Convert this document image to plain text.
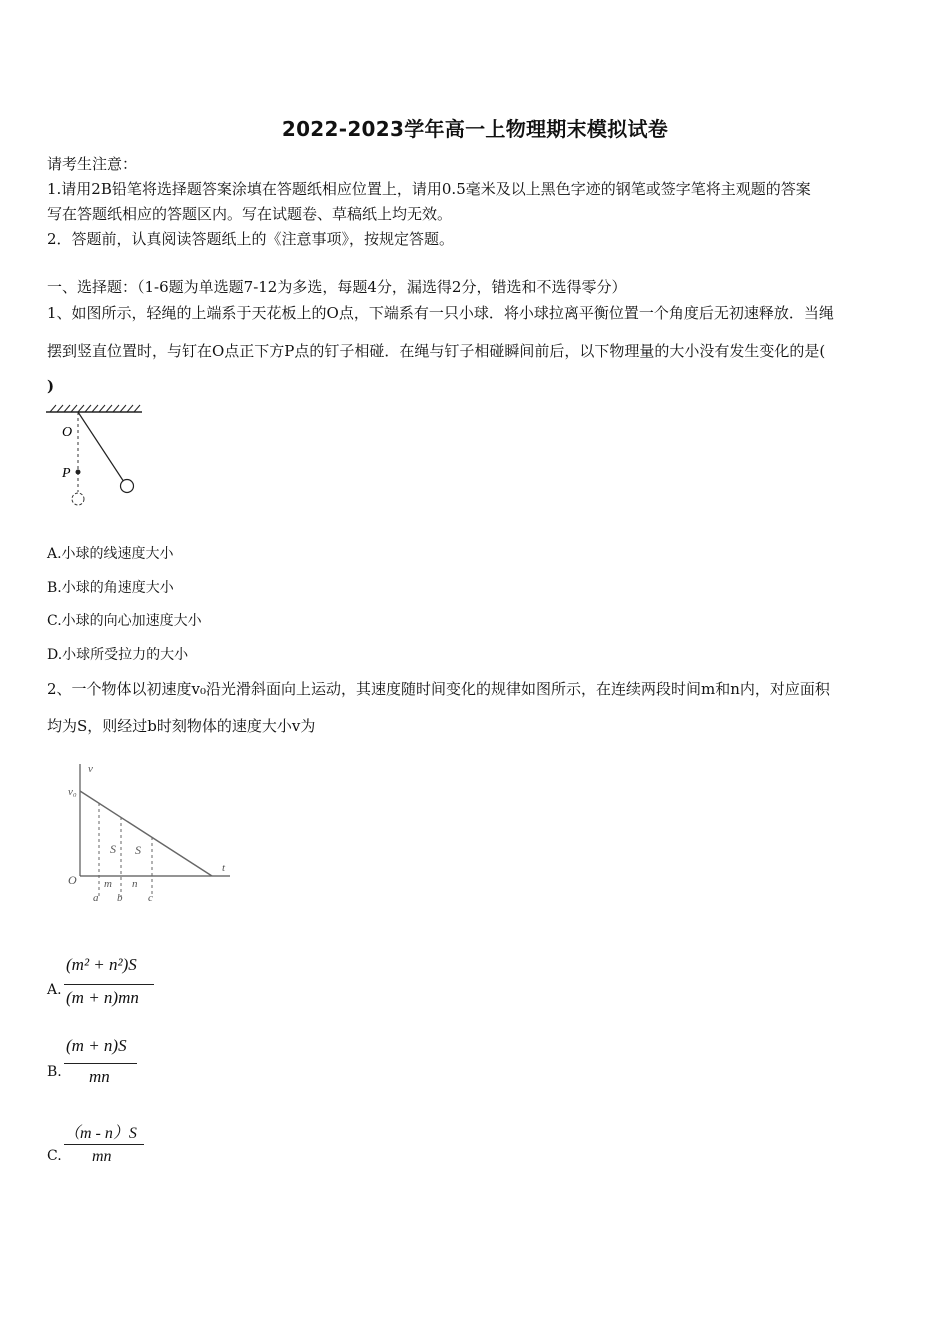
2022-2023学年高一上物理期末模拟试卷
请考生注意：
1.请用2B铅笔将选择题答案涂填在答题纸相应位置上，请用0.5毫米及以上黑色字迹的钢笔或签字笔将主观题的答案
写在答题纸相应的答题区内。写在试题卷、草稿纸上均无效。
2．答题前，认真阅读答题纸上的《注意事项》，按规定答题。
一、选择题：（1-6题为单选题7-12为多选，每题4分，漏选得2分，错选和不选得零分）
1、如图所示，轻绳的上端系于天花板上的O点，下端系有一只小球．将小球拉离平衡位置一个角度后无初速释放．当绳
摆到竖直位置时，与钉在O点正下方P点的钉子相碰．在绳与钉子相碰瞬间前后，以下物理量的大小没有发生变化的是(
)
O
P
A.小球的线速度大小
B.小球的角速度大小
C.小球的向心加速度大小
D.小球所受拉力的大小
2、一个物体以初速度v₀沿光滑斜面向上运动，其速度随时间变化的规律如图所示，在连续两段时间m和n内，对应面积
均为S，则经过b时刻物体的速度大小v为
v
t
v₀
O
S S
m n
a b c
A.
(m² + n²)S
(m + n)mn
B.
(m + n)S
mn
C.
（m - n）S
mn
